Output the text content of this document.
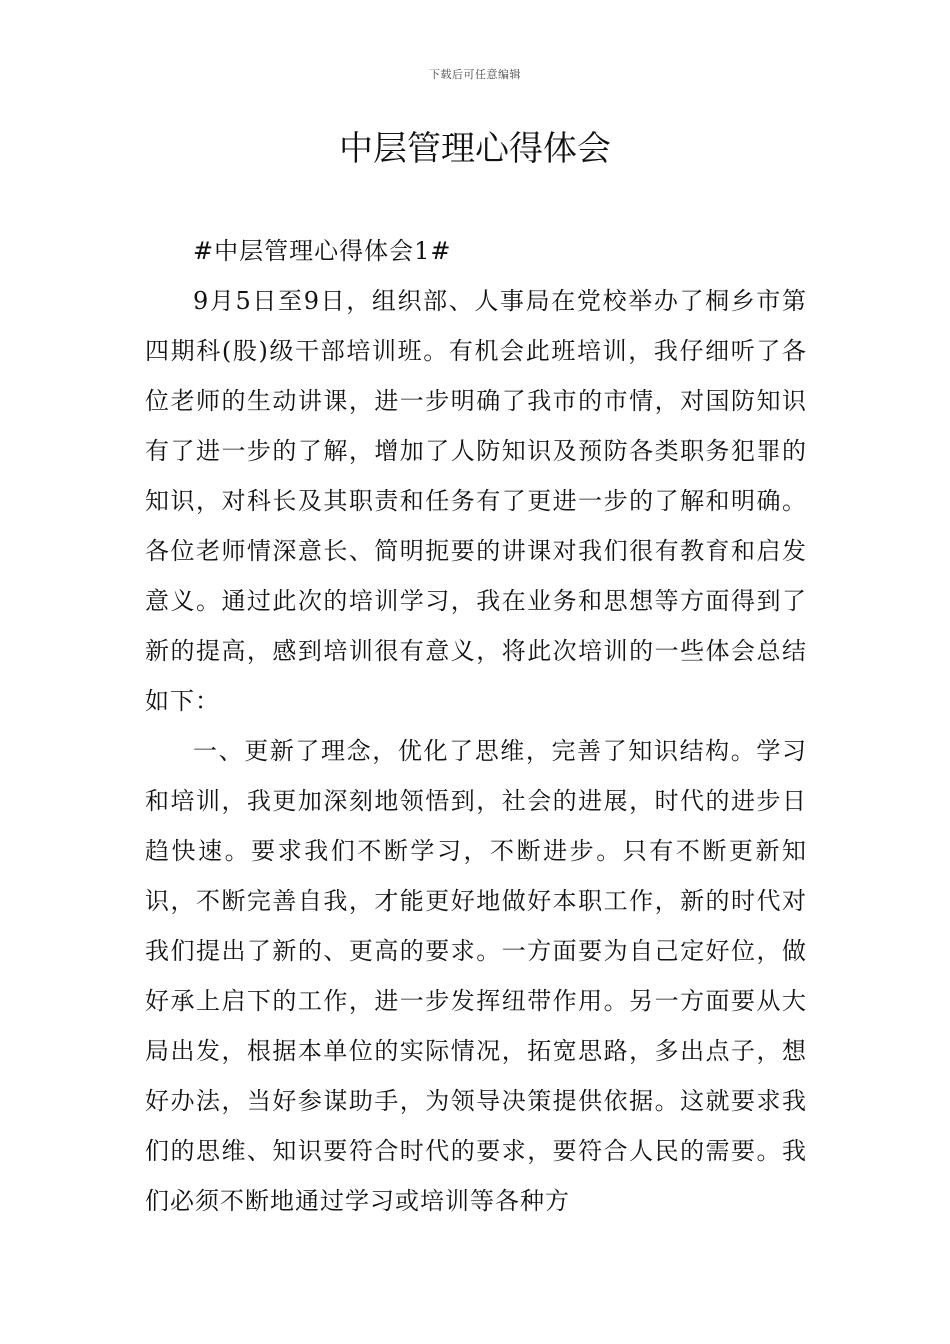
下载后可任意编辑
中层管理心得体会

#中层管理心得体会1#

9月5日至9日，组织部、人事局在党校举办了桐乡市第四期科(股)级干部培训班。有机会此班培训，我仔细听了各位老师的生动讲课，进一步明确了我市的市情，对国防知识有了进一步的了解，增加了人防知识及预防各类职务犯罪的知识，对科长及其职责和任务有了更进一步的了解和明确。各位老师情深意长、简明扼要的讲课对我们很有教育和启发意义。通过此次的培训学习，我在业务和思想等方面得到了新的提高，感到培训很有意义，将此次培训的一些体会总结如下：

一、更新了理念，优化了思维，完善了知识结构。学习和培训，我更加深刻地领悟到，社会的进展，时代的进步日趋快速。要求我们不断学习，不断进步。只有不断更新知识，不断完善自我，才能更好地做好本职工作，新的时代对我们提出了新的、更高的要求。一方面要为自己定好位，做好承上启下的工作，进一步发挥纽带作用。另一方面要从大局出发，根据本单位的实际情况，拓宽思路，多出点子，想好办法，当好参谋助手，为领导决策提供依据。这就要求我们的思维、知识要符合时代的要求，要符合人民的需要。我们必须不断地通过学习或培训等各种方
